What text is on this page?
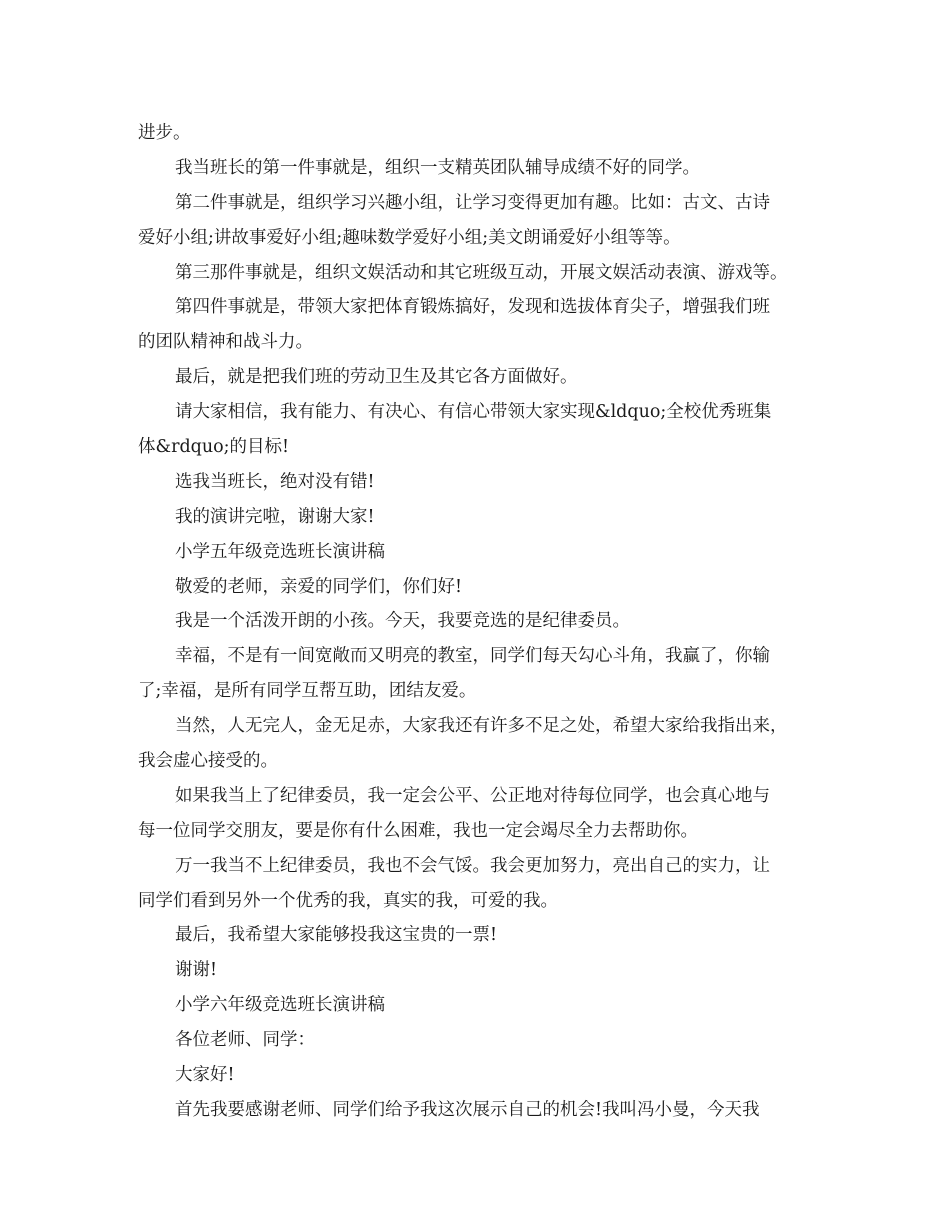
进步。
我当班长的第一件事就是，组织一支精英团队辅导成绩不好的同学。
第二件事就是，组织学习兴趣小组，让学习变得更加有趣。比如：古文、古诗
爱好小组;讲故事爱好小组;趣味数学爱好小组;美文朗诵爱好小组等等。
第三那件事就是，组织文娱活动和其它班级互动，开展文娱活动表演、游戏等。
第四件事就是，带领大家把体育锻炼搞好，发现和选拔体育尖子，增强我们班
的团队精神和战斗力。
最后，就是把我们班的劳动卫生及其它各方面做好。
请大家相信，我有能力、有决心、有信心带领大家实现&ldquo;全校优秀班集
体&rdquo;的目标!
选我当班长，绝对没有错!
我的演讲完啦，谢谢大家!
小学五年级竞选班长演讲稿
敬爱的老师，亲爱的同学们，你们好!
我是一个活泼开朗的小孩。今天，我要竞选的是纪律委员。
幸福，不是有一间宽敞而又明亮的教室，同学们每天勾心斗角，我赢了，你输
了;幸福，是所有同学互帮互助，团结友爱。
当然，人无完人，金无足赤，大家我还有许多不足之处，希望大家给我指出来，
我会虚心接受的。
如果我当上了纪律委员，我一定会公平、公正地对待每位同学，也会真心地与
每一位同学交朋友，要是你有什么困难，我也一定会竭尽全力去帮助你。
万一我当不上纪律委员，我也不会气馁。我会更加努力，亮出自己的实力，让
同学们看到另外一个优秀的我，真实的我，可爱的我。
最后，我希望大家能够投我这宝贵的一票!
谢谢!
小学六年级竞选班长演讲稿
各位老师、同学：
大家好!
首先我要感谢老师、同学们给予我这次展示自己的机会!我叫冯小曼，今天我
